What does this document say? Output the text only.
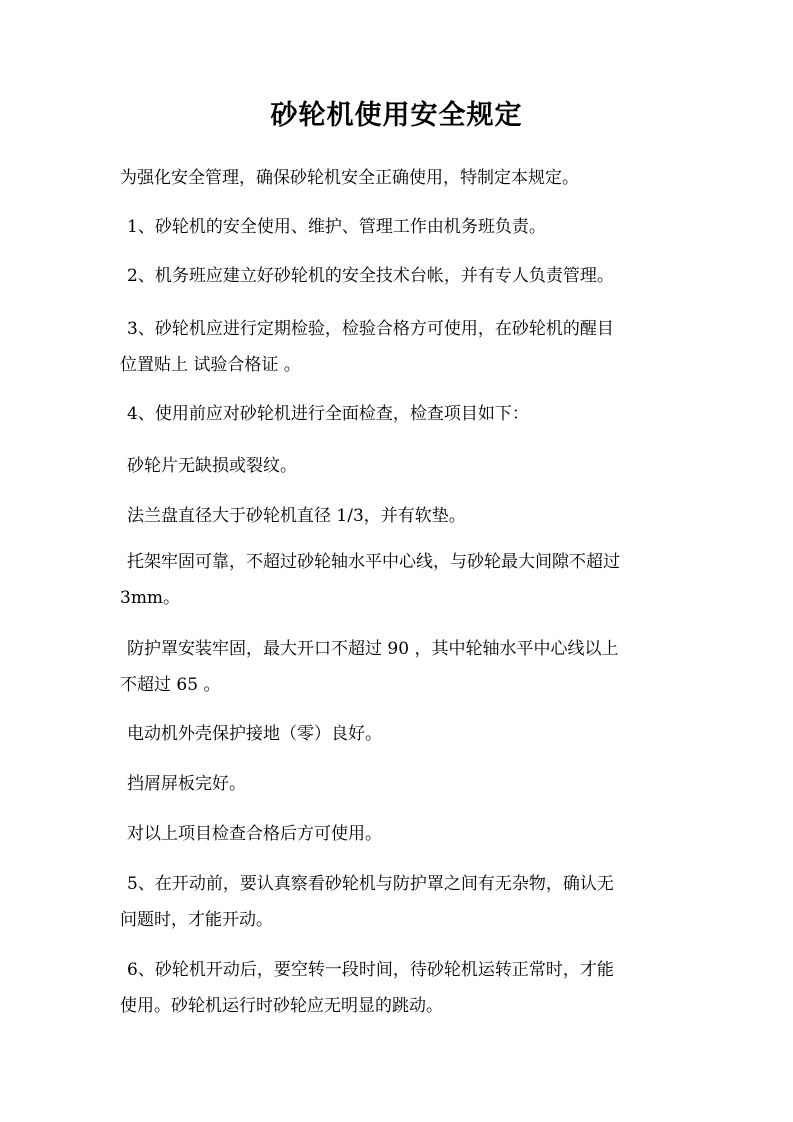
砂轮机使用安全规定
为强化安全管理，确保砂轮机安全正确使用，特制定本规定。
1、砂轮机的安全使用、维护、管理工作由机务班负责。
2、机务班应建立好砂轮机的安全技术台帐，并有专人负责管理。
3、砂轮机应进行定期检验，检验合格方可使用，在砂轮机的醒目
位置贴上 试验合格证 。
4、使用前应对砂轮机进行全面检查，检查项目如下：
砂轮片无缺损或裂纹。
法兰盘直径大于砂轮机直径 1/3，并有软垫。
托架牢固可靠，不超过砂轮轴水平中心线，与砂轮最大间隙不超过
3mm。
防护罩安装牢固，最大开口不超过 90 ，其中轮轴水平中心线以上
不超过 65 。
电动机外壳保护接地（零）良好。
挡屑屏板完好。
对以上项目检查合格后方可使用。
5、在开动前，要认真察看砂轮机与防护罩之间有无杂物，确认无
问题时，才能开动。
6、砂轮机开动后，要空转一段时间，待砂轮机运转正常时，才能
使用。砂轮机运行时砂轮应无明显的跳动。
